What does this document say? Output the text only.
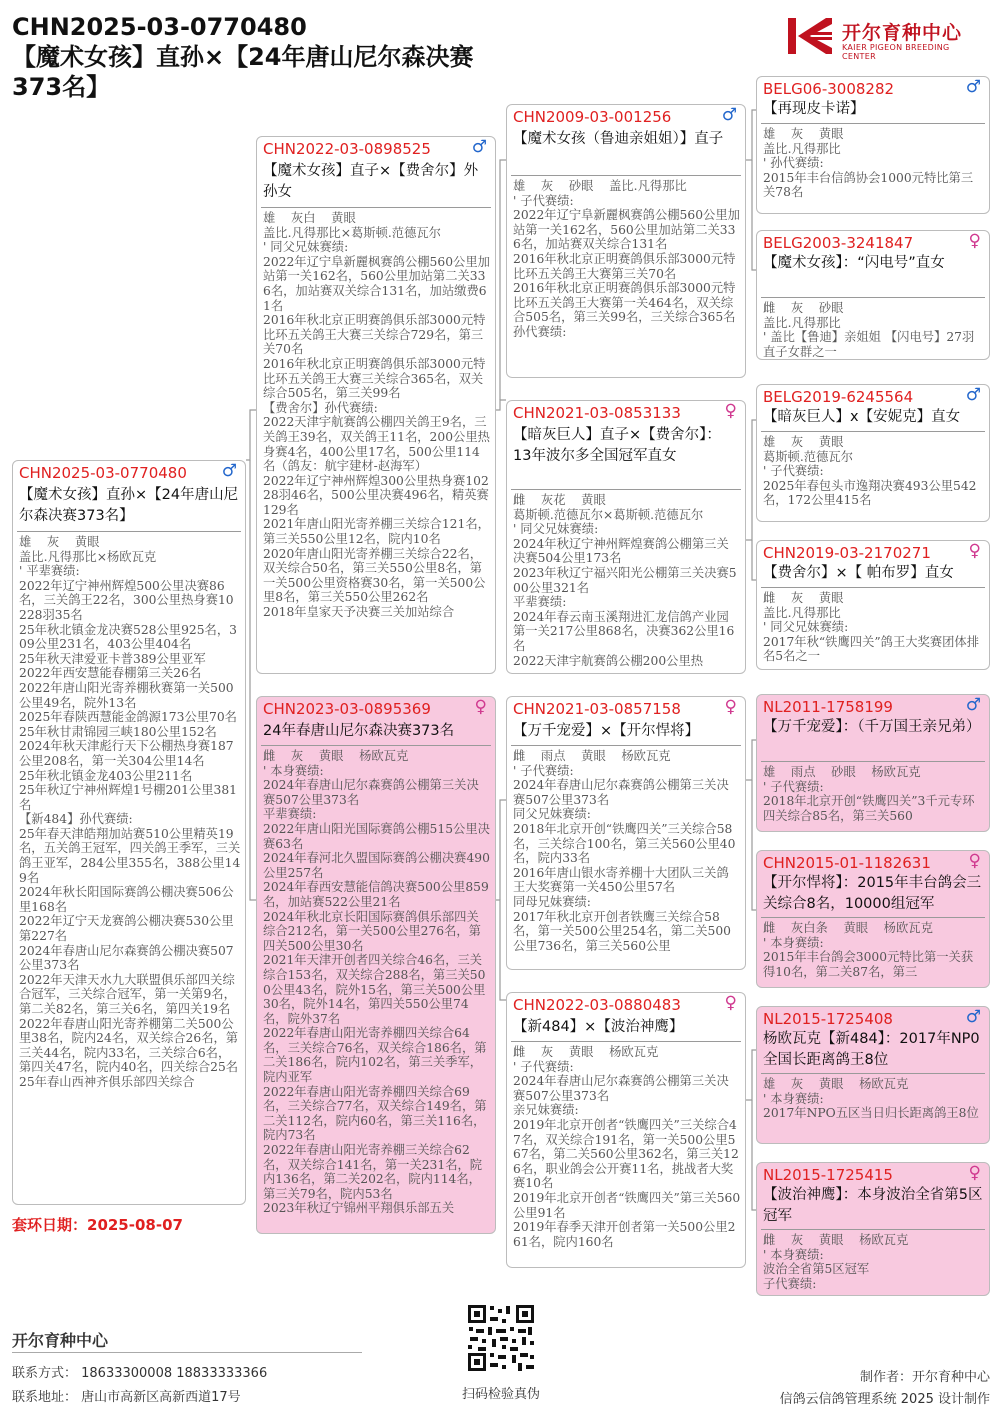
CHN2025-03-0770480
【魔术女孩】直孙×【24年唐山尼尔森决赛373名】
开尔育种中心
KAIER PIGEON BREEDING CENTER
CHN2025-03-0770480 ♂
【魔术女孩】直孙×【24年唐山尼尔森决赛373名】
雄    灰    黄眼
盖比.凡得那比×杨欧瓦克
' 平辈赛绩:
2022年辽宁神州辉煌500公里决赛86名，三关鸽王22名，300公里热身赛10228羽35名
25年秋北镇金龙决赛528公里925名，309公里231名，403公里404名
25年秋天津爱亚卡普389公里亚军
2022年西安慧能春棚第三关26名
2022年唐山阳光寄养棚秋赛第一关500公里49名，院外13名
2025年春陕西慧能金鸽源173公里70名
25年秋甘肃锦园三峡180公里152名
2024年秋天津彪行天下公棚热身赛187公里208名，第一关304公里14名
25年秋北镇金龙403公里211名
25年秋辽宁神州辉煌1号棚201公里381名
【新484】孙代赛绩:
25年春天津皓翔加站赛510公里精英19名，五关鸽王冠军，四关鸽王季军，三关鸽王亚军，284公里355名，388公里149名
2024年秋长阳国际赛鸽公棚决赛506公里168名
2022年辽宁天龙赛鸽公棚决赛530公里第227名
2024年春唐山尼尔森赛鸽公棚决赛507公里373名
2022年天津天水九大联盟俱乐部四关综合冠军，三关综合冠军，第一关第9名，第二关82名，第三关6名，第四关19名
2022年春唐山阳光寄养棚第二关500公里38名，院内24名，双关综合26名，第三关44名，院内33名，三关综合6名，第四关47名，院内40名，四关综合25名
25年春山西神齐俱乐部四关综合
CHN2022-03-0898525 ♂
【魔术女孩】直子×【费舍尔】外孙女
雄    灰白    黄眼
盖比.凡得那比×葛斯顿.范德瓦尔
' 同父兄妹赛绩:
2022年辽宁阜新麗枫赛鸽公棚560公里加站第一关162名，560公里加站第二关336名，加站赛双关综合131名，加站缴费61名
2016年秋北京正明赛鸽俱乐部3000元特比环五关鸽王大赛三关综合729名，第三关70名
2016年秋北京正明赛鸽俱乐部3000元特比环五关鸽王大赛三关综合365名，双关综合505名，第三关99名
【费舍尔】孙代赛绩:
2022天津宇航赛鸽公棚四关鸽王9名，三关鸽王39名，双关鸽王11名，200公里热身赛4名，400公里17名，500公里114名（鸽友：航宇建材-赵海军）
2022年辽宁神州辉煌300公里热身赛10228羽46名，500公里决赛496名，精英赛129名
2021年唐山阳光寄养棚三关综合121名，第三关550公里12名，院内10名
2020年唐山阳光寄养棚三关综合22名，双关综合50名，第三关550公里8名，第一关500公里资格赛30名，第一关500公里8名，第三关550公里262名
2018年皇家天予决赛三关加站综合
CHN2023-03-0895369	♀
24年春唐山尼尔森决赛373名
雌    灰    黄眼    杨欧瓦克
' 本身赛绩:
2024年春唐山尼尔森赛鸽公棚第三关决赛507公里373名
平辈赛绩:
2022年唐山阳光国际赛鸽公棚515公里决赛63名
2024年春河北久盟国际赛鸽公棚决赛490公里257名
2024年春西安慧能信鸽决赛500公里859名，加站赛522公里21名
2024年秋北京长阳国际赛鸽俱乐部四关综合212名，第一关500公里276名，第四关500公里30名
2021年天津开创者四关综合46名，三关综合153名，双关综合288名，第三关500公里43名，院外15名，第三关500公里30名，院外14名，第四关550公里74名，院外37名
2022年春唐山阳光寄养棚四关综合64名，三关综合76名，双关综合186名，第二关186名，院内102名，第三关季军，院内亚军
2022年春唐山阳光寄养棚四关综合69名，三关综合77名，双关综合149名，第二关112名，院内60名，第三关116名，院内73名
2022年春唐山阳光寄养棚三关综合62名，双关综合141名，第一关231名，院内136名，第二关202名，院内114名，第三关79名，院内53名
2023年秋辽宁锦州平翔俱乐部五关
CHN2009-03-001256	♂
【魔术女孩（鲁迪亲姐姐）】直子
雄    灰    砂眼    盖比.凡得那比
' 子代赛绩:
2022年辽宁阜新麗枫赛鸽公棚560公里加站第一关162名，560公里加站第二关336名，加站赛双关综合131名
2016年秋北京正明赛鸽俱乐部3000元特比环五关鸽王大赛第三关70名
2016年秋北京正明赛鸽俱乐部3000元特比环五关鸽王大赛第一关464名，双关综合505名，第三关99名，三关综合365名
孙代赛绩:
CHN2021-03-0853133	♀
【暗灰巨人】直子×【费舍尔】：13年波尔多全国冠军直女
雌    灰花    黄眼
葛斯顿.范德瓦尔×葛斯顿.范德瓦尔
' 同父兄妹赛绩:
2024年秋辽宁神州辉煌赛鸽公棚第三关决赛504公里173名
2023年秋辽宁福兴阳光公棚第三关决赛500公里321名
平辈赛绩:
2024年春云南玉溪翔进汇龙信鸽产业园第一关217公里868名，决赛362公里16名
2022天津宇航赛鸽公棚200公里热
CHN2021-03-0857158	♀
【万千宠爱】×【开尔悍将】
雌    雨点    黄眼    杨欧瓦克
' 子代赛绩:
2024年春唐山尼尔森赛鸽公棚第三关决赛507公里373名
同父兄妹赛绩:
2018年北京开创“铁鹰四关”三关综合58名，三关综合100名，第三关560公里40名，院内33名
2016年唐山银水寄养棚十大团队三关鸽王大奖赛第一关450公里57名
同母兄妹赛绩:
2017年秋北京开创者铁鹰三关综合58名，第一关500公里254名，第二关500公里736名，第三关560公里
CHN2022-03-0880483	♀
【新484】×【波治神鹰】
雌    灰    黄眼    杨欧瓦克
' 子代赛绩:
2024年春唐山尼尔森赛鸽公棚第三关决赛507公里373名
亲兄妹赛绩:
2019年北京开创者“铁鹰四关”三关综合47名，双关综合191名，第一关500公里567名，第二关560公里362名，第三关126名，职业鸽会公开赛11名，挑战者大奖赛10名
2019年北京开创者“铁鹰四关”第三关560公里91名
2019年春季天津开创者第一关500公里261名，院内160名
BELG06-3008282	♂
【再现皮卡诺】
雄    灰    黄眼
盖比.凡得那比
' 孙代赛绩:
2015年丰台信鸽协会1000元特比第三关78名
BELG2003-3241847	♀
【魔术女孩】：“闪电号”直女
雌    灰    砂眼
盖比.凡得那比
' 盖比【鲁迪】亲姐姐 【闪电号】27羽直子女群之一
BELG2019-6245564	♂
【暗灰巨人】x【安妮克】直女
雄    灰    黄眼
葛斯顿.范德瓦尔
' 子代赛绩:
2025年春包头市逸翔决赛493公里542名，172公里415名
CHN2019-03-2170271 ♀
【费舍尔】×【 帕布罗】直女
雌    灰    黄眼
盖比.凡得那比
' 同父兄妹赛绩:
2017年秋“铁鹰四关”鸽王大奖赛团体排名5名之一
NL2011-1758199	♂
【万千宠爱】：（千万国王亲兄弟）
雄    雨点    砂眼    杨欧瓦克
' 子代赛绩:
2018年北京开创“铁鹰四关”3千元专环四关综合85名，第三关560
CHN2015-01-1182631 ♀
【开尔悍将】：2015年丰台鸽会三关综合8名，10000组冠军
雌    灰白条    黄眼    杨欧瓦克
' 本身赛绩:
2015年丰台鸽会3000元特比第一关获得10名，第二关87名，第三
NL2015-1725408	♂
杨欧瓦克【新484】：2017年NP0全国长距离鸽王8位
雄    灰    黄眼    杨欧瓦克
' 本身赛绩:
2017年NPO五区当日归长距离鸽王8位
NL2015-1725415	♀
【波治神鹰】：本身波治全省第5区冠军
雌    灰    黄眼    杨欧瓦克
' 本身赛绩:
波治全省第5区冠军
子代赛绩:
套环日期：2025-08-07
扫码检验真伪
开尔育种中心
联系方式： 18633300008 18833333366
联系地址： 唐山市高新区高新西道17号
制作者：开尔育种中心
信鸽云信鸽管理系统 2025 设计制作
